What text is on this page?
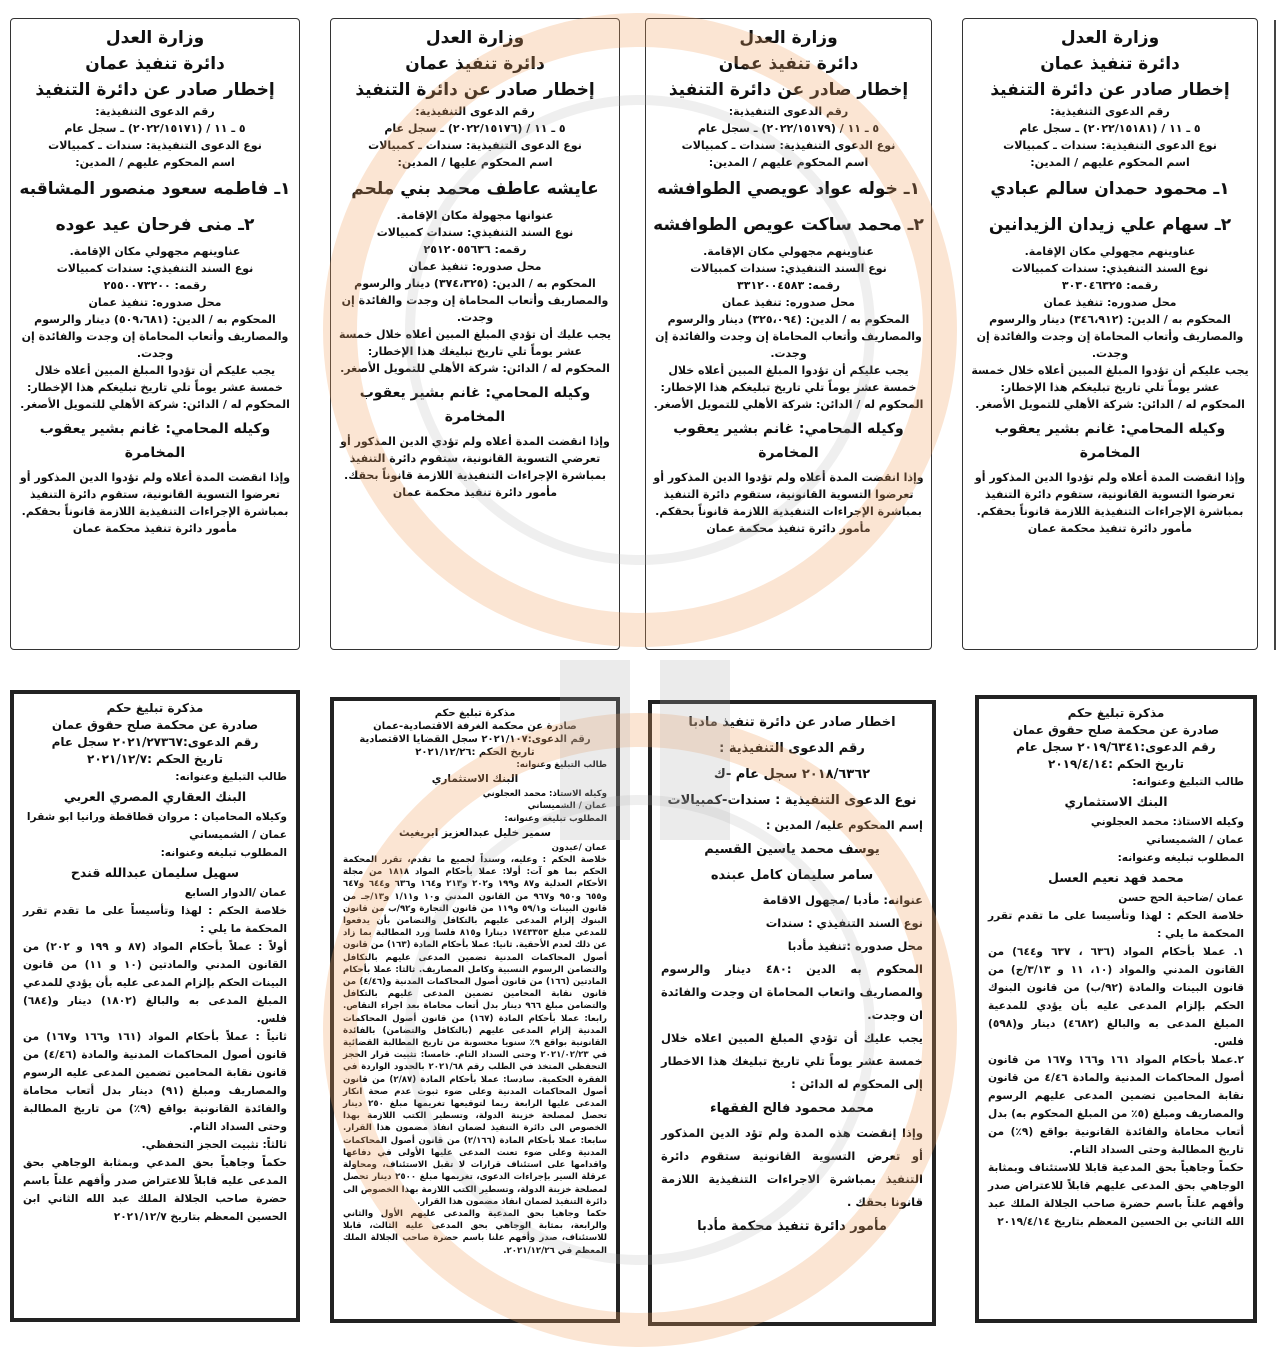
وزارة العدل
دائرة تنفيذ عمان
إخطار صادر عن دائرة التنفيذ
رقم الدعوى التنفيذية:
٥ ـ ١١ / (٢٠٢٢/١٥١٧١) ـ سجل عام
نوع الدعوى التنفيذية: سندات ـ كمبيالات
اسم المحكوم عليهم / المدين:
١ـ فاطمه سعود منصور المشاقبه
٢ـ منى فرحان عيد عوده
عناوينهم مجهولي مكان الإقامة.
نوع السند التنفيذي: سندات كمبيالات
رقمه: ٢٥٥٠٠٧٣٢٠٠
محل صدوره: تنفيذ عمان
المحكوم به / الدين: (٥٠٩،٦٨١) دينار والرسوم والمصاريف وأتعاب المحاماة إن وجدت والفائدة إن وجدت.
يجب عليكم أن تؤدوا المبلغ المبين أعلاه خلال خمسة عشر يوماً تلي تاريخ تبليغكم هذا الإخطار:
المحكوم له / الدائن: شركة الأهلي للتمويل الأصغر.
وكيله المحامي: غانم بشير يعقوب المخامرة
وإذا انقضت المدة أعلاه ولم تؤدوا الدين المذكور أو تعرضوا التسوية القانونية، ستقوم دائرة التنفيذ بمباشرة الإجراءات التنفيذية اللازمة قانوناً بحقكم.
مأمور دائرة تنفيذ محكمة عمان
وزارة العدل
دائرة تنفيذ عمان
إخطار صادر عن دائرة التنفيذ
رقم الدعوى التنفيذية:
٥ ـ ١١ / (٢٠٢٢/١٥١٧٦) ـ سجل عام
نوع الدعوى التنفيذية: سندات ـ كمبيالات
اسم المحكوم عليها / المدين:
عايشه عاطف محمد بني ملحم
عنوانها مجهولة مكان الإقامة.
نوع السند التنفيذي: سندات كمبيالات
رقمه: ٢٥١٢٠٥٥٦٣٦
محل صدوره: تنفيذ عمان
المحكوم به / الدين: (٣٧٤،٣٢٥) دينار والرسوم والمصاريف وأتعاب المحاماة إن وجدت والفائدة إن وجدت.
يجب عليك أن تؤدي المبلغ المبين أعلاه خلال خمسة عشر يوماً تلي تاريخ تبليغك هذا الإخطار:
المحكوم له / الدائن: شركة الأهلي للتمويل الأصغر.
وكيله المحامي: غانم بشير يعقوب المخامرة
وإذا انقضت المدة أعلاه ولم تؤدي الدين المذكور أو تعرضي التسوية القانونية، ستقوم دائرة التنفيذ بمباشرة الإجراءات التنفيذية اللازمة قانوناً بحقك.
مأمور دائرة تنفيذ محكمة عمان
وزارة العدل
دائرة تنفيذ عمان
إخطار صادر عن دائرة التنفيذ
رقم الدعوى التنفيذية:
٥ ـ ١١ / (٢٠٢٢/١٥١٧٩) ـ سجل عام
نوع الدعوى التنفيذية: سندات ـ كمبيالات
اسم المحكوم عليهم / المدين:
١ـ خوله عواد عويصي الطوافشه
٢ـ محمد ساكت عويص الطوافشه
عناوينهم مجهولي مكان الإقامة.
نوع السند التنفيذي: سندات كمبيالات
رقمه: ٣٣١٢٠٠٤٥٨٣
محل صدوره: تنفيذ عمان
المحكوم به / الدين: (٣٢٥،٠٩٤) دينار والرسوم والمصاريف وأتعاب المحاماة إن وجدت والفائدة إن وجدت.
يجب عليكم أن تؤدوا المبلغ المبين أعلاه خلال خمسة عشر يوماً تلي تاريخ تبليغكم هذا الإخطار:
المحكوم له / الدائن: شركة الأهلي للتمويل الأصغر.
وكيله المحامي: غانم بشير يعقوب المخامرة
وإذا انقضت المدة أعلاه ولم تؤدوا الدين المذكور أو تعرضوا التسوية القانونية، ستقوم دائرة التنفيذ بمباشرة الإجراءات التنفيذية اللازمة قانوناً بحقكم.
مأمور دائرة تنفيذ محكمة عمان
وزارة العدل
دائرة تنفيذ عمان
إخطار صادر عن دائرة التنفيذ
رقم الدعوى التنفيذية:
٥ ـ ١١ / (٢٠٢٢/١٥١٨١) ـ سجل عام
نوع الدعوى التنفيذية: سندات ـ كمبيالات
اسم المحكوم عليهم / المدين:
١ـ محمود حمدان سالم عبادي
٢ـ سهام علي زيدان الزيدانين
عناوينهم مجهولي مكان الإقامة.
نوع السند التنفيذي: سندات كمبيالات
رقمه: ٣٠٣٠٤٦٣٢٥
محل صدوره: تنفيذ عمان
المحكوم به / الدين: (٣٤٦،٩١٢) دينار والرسوم والمصاريف وأتعاب المحاماة إن وجدت والفائدة إن وجدت.
يجب عليكم أن تؤدوا المبلغ المبين أعلاه خلال خمسة عشر يوماً تلي تاريخ تبليغكم هذا الإخطار:
المحكوم له / الدائن: شركة الأهلي للتمويل الأصغر.
وكيله المحامي: غانم بشير يعقوب المخامرة
وإذا انقضت المدة أعلاه ولم تؤدوا الدين المذكور أو تعرضوا التسوية القانونية، ستقوم دائرة التنفيذ بمباشرة الإجراءات التنفيذية اللازمة قانوناً بحقكم.
مأمور دائرة تنفيذ محكمة عمان
مذكرة تبليغ حكم
صادرة عن محكمة صلح حقوق عمان
رقم الدعوى:٢٠٢١/٢٧٣٦٧ سجل عام
تاريخ الحكم :٢٠٢١/١٢/٧
طالب التبليغ وعنوانه:
البنك العقاري المصري العربي
وكيلاه المحاميان : مروان قطاقطة ورانيا ابو شقرا
عمان / الشميساني
المطلوب تبليغه وعنوانه:
سهيل سليمان عبدالله قندح
عمان /الدوار السابع
خلاصة الحكم : لهذا وتأسيساً على ما تقدم تقرر المحكمة ما يلي :
أولاً : عملاً بأحكام المواد (٨٧ و ١٩٩ و ٢٠٢) من القانون المدني والمادتين (١٠ و ١١) من قانون البينات الحكم بإلزام المدعى عليه بأن يؤدي للمدعي المبلغ المدعى به والبالغ (١٨٠٢) دينار و(٦٨٤) فلس.
ثانياً : عملاً بأحكام المواد (١٦١ و١٦٦ و١٦٧) من قانون أصول المحاكمات المدنية والمادة (٤/٤٦) من قانون نقابة المحامين تضمين المدعى عليه الرسوم والمصاريف ومبلغ (٩١) دينار بدل أتعاب محاماة والفائدة القانونية بواقع (٩٪) من تاريخ المطالبة وحتى السداد التام.
ثالثاً: تثبيت الحجز التحفظي.
حكماً وجاهياً بحق المدعي وبمثابة الوجاهي بحق المدعى عليه قابلاً للاعتراض صدر وأفهم علناً باسم حضرة صاحب الجلالة الملك عبد الله الثاني ابن الحسين المعظم بتاريخ ٢٠٢١/١٢/٧
مذكرة تبليغ حكم
صادرة عن محكمة الغرفة الاقتصادية-عمان
رقم الدعوى:٢٠٢١/١٠٧ سجل القضايا الاقتصادية
تاريخ الحكم :٢٠٢١/١٢/٢٦
طالب التبليغ وعنوانه:
البنك الاستثماري
وكيله الاستاذ: محمد العجلوني
عمان / الشميساني
المطلوب تبليغه وعنوانه:
سمير خليل عبدالعزيز ابريغيث
عمان /عبدون
خلاصة الحكم : وعليه، وسنداً لجميع ما تقدم، تقرر المحكمة الحكم بما هو آت: أولا: عملا بأحكام المواد ١٨١٨ من مجلة الأحكام العدلية و٨٧ و١٩٩ و٢٠٢ و٢١٣ و١٦٤ و٦٣٦ و٦٤٤ و٦٤٧ و٦٥٥ و٩٥٠ و٩٦٧ من القانون المدني و١٠ و١/١١ و١٣/جـ من قانون البينات و٥٩/١ و١١٩ من قانون التجارة و٩٢/ب من قانون البنوك إلزام المدعى عليهم بالتكافل والتضامن بأن يدفعوا للمدعي مبلغ ١٧٤٣٣٥٣ دينارا و٨١٥ فلسا ورد المطالبة بما زاد عن ذلك لعدم الأحقية. ثانيا: عملا بأحكام المادة (١٦٣) من قانون أصول المحاكمات المدنية تضمين المدعى عليهم بالتكافل والتضامن الرسوم النسبية وكامل المصاريف. ثالثا: عملا بأحكام المادتين (١٦٦) من قانون أصول المحاكمات المدنية و(٤/٤٦) من قانون نقابة المحامين تضمين المدعى عليهم بالتكافل والتضامن مبلغ ٩٦٦ دينار بدل أتعاب محاماة بعد اجراء التقاص. رابعا: عملا بأحكام المادة (١٦٧) من قانون أصول المحاكمات المدنية إلزام المدعى عليهم (بالتكافل والتضامن) بالفائدة القانونية بواقع ٩٪ سنويا محسوبة من تاريخ المطالبة القضائية في ٢٠٢١/٠٢/٢٣ وحتى السداد التام. خامسا: تثبيت قرار الحجز التحفظي المتخذ في الطلب رقم ٢٠٢١/٦٨ بالحدود الواردة في الفقرة الحكمية. سادسا: عملا بأحكام المادة (٢/٨٧) من قانون أصول المحاكمات المدنية وعلى ضوء ثبوت عدم صحة انكار المدعى عليها الرابعة ريما لتوقيعها تغريمها مبلغ ٢٥٠ دينار تحصل لمصلحة خزينة الدولة، وتسطير الكتب اللازمة بهذا الخصوص الى دائرة التنفيذ لضمان انفاذ مضمون هذا القرار. سابعا: عملا بأحكام المادة (٢/١٦٦) من قانون أصول المحاكمات المدنية وعلى ضوء تعنت المدعى عليها الأولى في دفاعها واقدامها على استئناف قرارات لا تقبل الاستئناف، ومحاولة عرقلة السير بإجراءات الدعوى، تغريمها مبلغ ٢٥٠٠ دينار تحصل لمصلحة خزينة الدولة، وتسطير الكتب اللازمة بهذا الخصوص الى دائرة التنفيذ لضمان انفاذ مضمون هذا القرار.
حكما وجاهيا بحق المدعية والمدعى عليهم الأول والثاني والرابعة، بمثابة الوجاهي بحق المدعى عليه الثالث، قابلا للاستئناف، صدر وأفهم علنا باسم حضرة صاحب الجلالة الملك المعظم في ٢٠٢١/١٢/٢٦.
اخطار صادر عن دائرة تنفيذ مادبا
رقم الدعوى التنفيذية :
٢٠١٨/٦٣٦٢ سجل عام -ك
نوع الدعوى التنفيذية : سندات-كمبيالات
إسم المحكوم عليه/ المدين :
يوسف محمد ياسين القسيم
سامر سليمان كامل عبنده
عنوانه: مأدبا /مجهول الاقامة
نوع السند التنفيذي : سندات
محل صدوره :تنفيذ مأدبا
المحكوم به الدين :٤٨٠ دينار والرسوم والمصاريف واتعاب المحاماة ان وجدت والفائدة ان وجدت.
يجب عليك أن تؤدي المبلغ المبين اعلاه خلال خمسة عشر يوماً تلي تاريخ تبليغك هذا الاخطار إلى المحكوم له الدائن :
محمد محمود فالح الفقهاء
وإذا إنقضت هذه المدة ولم تؤد الدين المذكور أو تعرض التسوية القانونية ستقوم دائرة التنفيذ بمباشرة الاجراءات التنفيذية اللازمة قانونا بحقك .
مأمور دائرة تنفيذ محكمة مأدبا
مذكرة تبليغ حكم
صادرة عن محكمة صلح حقوق عمان
رقم الدعوى:٢٠١٩/٦٣٤١ سجل عام
تاريخ الحكم :٢٠١٩/٤/١٤
طالب التبليغ وعنوانه:
البنك الاستثماري
وكيله الاستاذ: محمد العجلوني
عمان / الشميساني
المطلوب تبليغه وعنوانه:
محمد فهد نعيم العسل
عمان /ضاحية الحج حسن
خلاصة الحكم : لهذا وتأسيسا على ما تقدم تقرر المحكمة ما يلي :
١. عملا بأحكام المواد (٦٣٦ ، ٦٣٧ و٦٤٤) من القانون المدني والمواد (١٠، ١١ و ٣/١٣/ج) من قانون البينات والمادة (٩٢/ب) من قانون البنوك الحكم بإلزام المدعى عليه بأن يؤدي للمدعية المبلغ المدعى به والبالغ (٤٦٨٢) دينار و(٥٩٨) فلس.
٢.عملا بأحكام المواد ١٦١ و١٦٦ و١٦٧ من قانون أصول المحاكمات المدنية والمادة ٤/٤٦ من قانون نقابة المحامين تضمين المدعى عليهم الرسوم والمصاريف ومبلغ (٥٪ من المبلغ المحكوم به) بدل أتعاب محاماة والفائدة القانونية بواقع (٩٪) من تاريخ المطالبة وحتى السداد التام.
حكماً وجاهياً بحق المدعية قابلا للاستئناف وبمثابة الوجاهي بحق المدعى عليهم قابلاً للاعتراض صدر وأفهم علناً باسم حضرة صاحب الجلالة الملك عبد الله الثاني بن الحسين المعظم بتاريخ ٢٠١٩/٤/١٤
